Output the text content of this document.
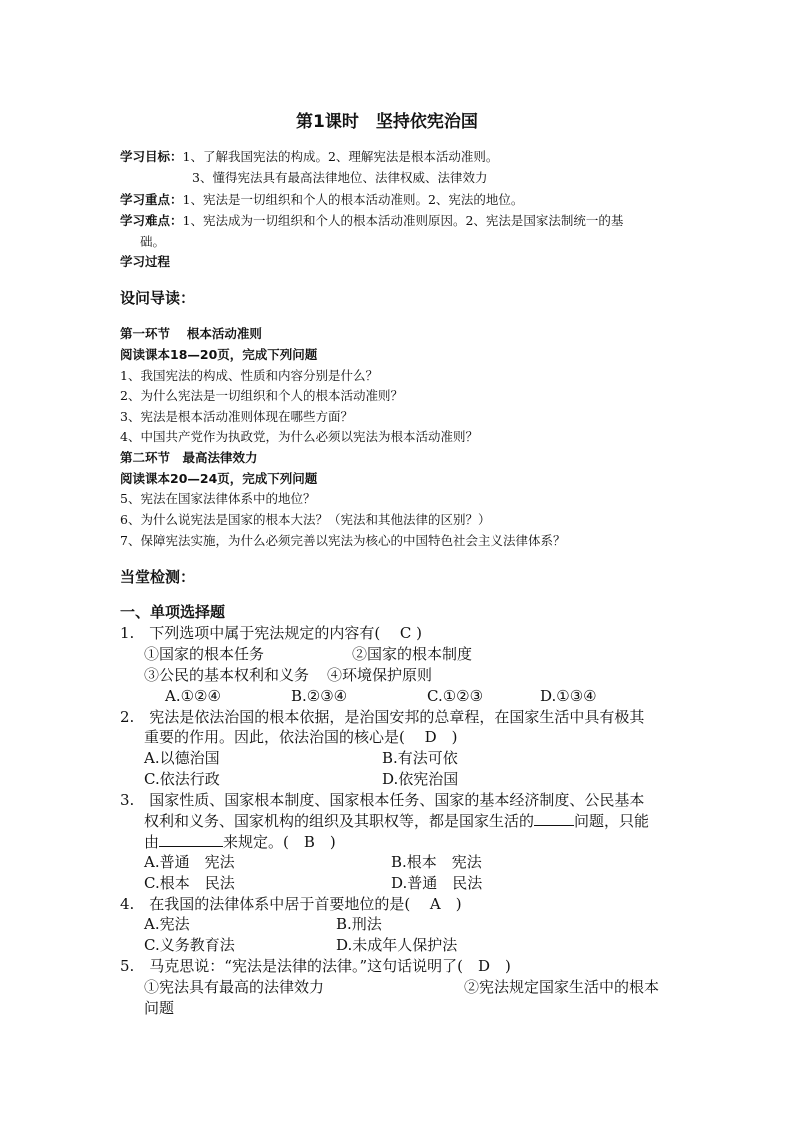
第1课时　坚持依宪治国
学习目标：1、了解我国宪法的构成。2、理解宪法是根本活动准则。
3、懂得宪法具有最高法律地位、法律权威、法律效力
学习重点：1、宪法是一切组织和个人的根本活动准则。2、宪法的地位。
学习难点：1、宪法成为一切组织和个人的根本活动准则原因。2、宪法是国家法制统一的基
础。
学习过程
设问导读：
第一环节　 根本活动准则
阅读课本18—20页，完成下列问题
1、我国宪法的构成、性质和内容分别是什么？
2、为什么宪法是一切组织和个人的根本活动准则？
3、宪法是根本活动准则体现在哪些方面？
4、中国共产党作为执政党，为什么必须以宪法为根本活动准则？
第二环节　最高法律效力
阅读课本20—24页，完成下列问题
5、宪法在国家法律体系中的地位？
6、为什么说宪法是国家的根本大法？（宪法和其他法律的区别？）
7、保障宪法实施，为什么必须完善以宪法为核心的中国特色社会主义法律体系？
当堂检测：
一、单项选择题
1.　下列选项中属于宪法规定的内容有(　 C )
①国家的根本任务	②国家的根本制度
③公民的基本权利和义务 ④环境保护原则
A.①②④	B.②③④	C.①②③	D.①③④
2.　宪法是依法治国的根本依据，是治国安邦的总章程，在国家生活中具有极其
重要的作用。因此，依法治国的核心是(　 D　)
A.以德治国	B.有法可依
C.依法行政	D.依宪治国
3.　国家性质、国家根本制度、国家根本任务、国家的基本经济制度、公民基本
权利和义务、国家机构的组织及其职权等，都是国家生活的	问题，只能
由	来规定。(　B　)
A.普通　宪法	B.根本　宪法
C.根本　民法	D.普通　民法
4.　在我国的法律体系中居于首要地位的是(　 A　)
A.宪法	B.刑法
C.义务教育法	D.未成年人保护法
5.　马克思说：“宪法是法律的法律。”这句话说明了(　D　)
①宪法具有最高的法律效力	②宪法规定国家生活中的根本
问题
